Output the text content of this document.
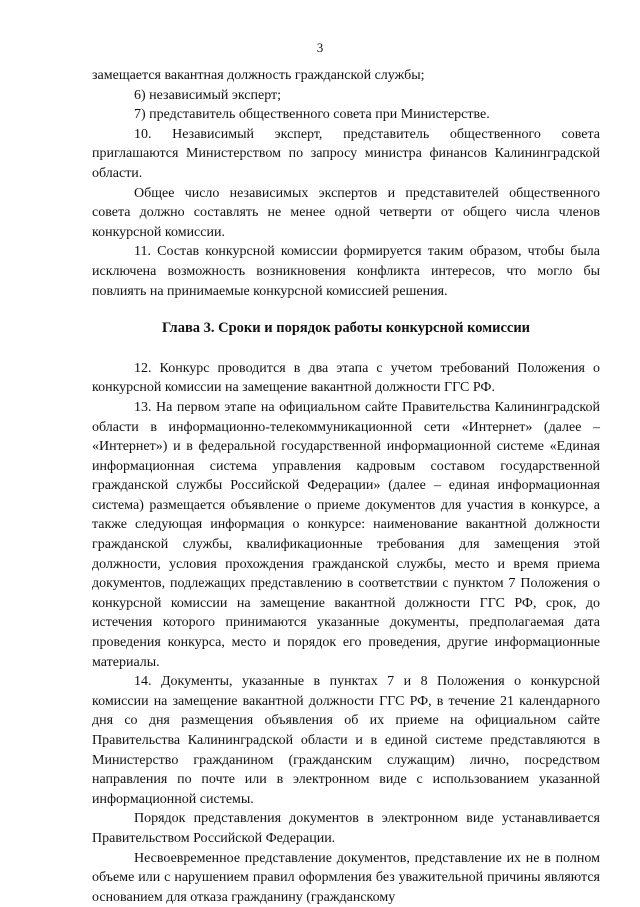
3

замещается вакантная должность гражданской службы;

6) независимый эксперт;

7) представитель общественного совета при Министерстве.

10. Независимый эксперт, представитель общественного совета приглашаются Министерством по запросу министра финансов Калининградской области.

Общее число независимых экспертов и представителей общественного совета должно составлять не менее одной четверти от общего числа членов конкурсной комиссии.

11. Состав конкурсной комиссии формируется таким образом, чтобы была исключена возможность возникновения конфликта интересов, что могло бы повлиять на принимаемые конкурсной комиссией решения.

Глава 3. Сроки и порядок работы конкурсной комиссии

12. Конкурс проводится в два этапа с учетом требований Положения о конкурсной комиссии на замещение вакантной должности ГГС РФ.

13. На первом этапе на официальном сайте Правительства Калининградской области в информационно-телекоммуникационной сети «Интернет» (далее – «Интернет») и в федеральной государственной информационной системе «Единая информационная система управления кадровым составом государственной гражданской службы Российской Федерации» (далее – единая информационная система) размещается объявление о приеме документов для участия в конкурсе, а также следующая информация о конкурсе: наименование вакантной должности гражданской службы, квалификационные требования для замещения этой должности, условия прохождения гражданской службы, место и время приема документов, подлежащих представлению в соответствии с пунктом 7 Положения о конкурсной комиссии на замещение вакантной должности ГГС РФ, срок, до истечения которого принимаются указанные документы, предполагаемая дата проведения конкурса, место и порядок его проведения, другие информационные материалы.

14. Документы, указанные в пунктах 7 и 8 Положения о конкурсной комиссии на замещение вакантной должности ГГС РФ, в течение 21 календарного дня со дня размещения объявления об их приеме на официальном сайте Правительства Калининградской области и в единой системе представляются в Министерство гражданином (гражданским служащим) лично, посредством направления по почте или в электронном виде с использованием указанной информационной системы.

Порядок представления документов в электронном виде устанавливается Правительством Российской Федерации.

Несвоевременное представление документов, представление их не в полном объеме или с нарушением правил оформления без уважительной причины являются основанием для отказа гражданину (гражданскому
